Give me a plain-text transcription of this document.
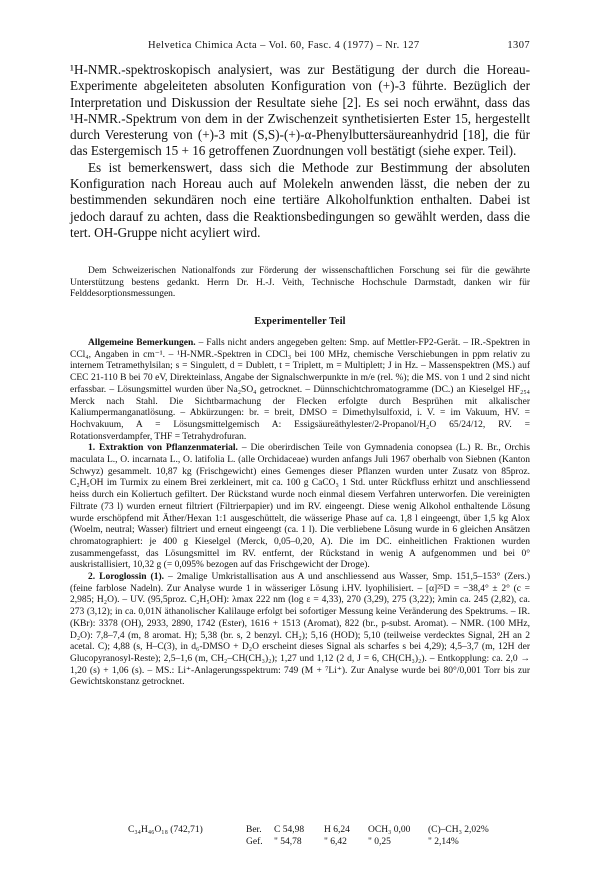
Helvetica Chimica Acta – Vol. 60, Fasc. 4 (1977) – Nr. 127	1307

¹H-NMR.-spektroskopisch analysiert, was zur Bestätigung der durch die Horeau-Experimente abgeleiteten absoluten Konfiguration von (+)-3 führte. Bezüglich der Interpretation und Diskussion der Resultate siehe [2]. Es sei noch erwähnt, dass das ¹H-NMR.-Spektrum von dem in der Zwischenzeit synthetisierten Ester 15, hergestellt durch Veresterung von (+)-3 mit (S,S)-(+)-α-Phenylbuttersäureanhydrid [18], die für das Estergemisch 15 + 16 getroffenen Zuordnungen voll bestätigt (siehe exper. Teil).

Es ist bemerkenswert, dass sich die Methode zur Bestimmung der absoluten Konfiguration nach Horeau auch auf Molekeln anwenden lässt, die neben der zu bestimmenden sekundären noch eine tertiäre Alkoholfunktion enthalten. Dabei ist jedoch darauf zu achten, dass die Reaktionsbedingungen so gewählt werden, dass die tert. OH-Gruppe nicht acyliert wird.

Dem Schweizerischen Nationalfonds zur Förderung der wissenschaftlichen Forschung sei für die gewährte Unterstützung bestens gedankt. Herrn Dr. H.-J. Veith, Technische Hochschule Darmstadt, danken wir für Felddesorptionsmessungen.
Experimenteller Teil

Allgemeine Bemerkungen. – Falls nicht anders angegeben gelten: Smp. auf Mettler-FP2-Gerät. – IR.-Spektren in CCl₄, Angaben in cm⁻¹. – ¹H-NMR.-Spektren in CDCl₃ bei 100 MHz, chemische Verschiebungen in ppm relativ zu internem Tetramethylsilan; s = Singulett, d = Dublett, t = Triplett, m = Multiplett; J in Hz. – Massenspektren (MS.) auf CEC 21-110 B bei 70 eV, Direkteinlass, Angabe der Signalschwerpunkte in m/e (rel. %); die MS. von 1 und 2 sind nicht erfassbar. – Lösungsmittel wurden über Na₂SO₄ getrocknet. – Dünnschichtchromatogramme (DC.) an Kieselgel HF₂₅₄ Merck nach Stahl. Die Sichtbarmachung der Flecken erfolgte durch Besprühen mit alkalischer Kaliumpermanganatlösung. – Abkürzungen: br. = breit, DMSO = Dimethylsulfoxid, i. V. = im Vakuum, HV. = Hochvakuum, A = Lösungsmittelgemisch A: Essigsäureäthylester/2-Propanol/H₂O 65/24/12, RV. = Rotationsverdampfer, THF = Tetrahydrofuran.

1. Extraktion von Pflanzenmaterial. – Die oberirdischen Teile von Gymnadenia conopsea (L.) R. Br., Orchis maculata L., O. incarnata L., O. latifolia L. (alle Orchidaceae) wurden anfangs Juli 1967 oberhalb von Siebnen (Kanton Schwyz) gesammelt. 10,87 kg (Frischgewicht) eines Gemenges dieser Pflanzen wurden unter Zusatz von 85proz. C₂H₅OH im Turmix zu einem Brei zerkleinert, mit ca. 100 g CaCO₃ 1 Std. unter Rückfluss erhitzt und anschliessend heiss durch ein Koliertuch gefiltert. Der Rückstand wurde noch einmal diesem Verfahren unterworfen. Die vereinigten Filtrate (73 l) wurden erneut filtriert (Filtrierpapier) und im RV. eingeengt. Diese wenig Alkohol enthaltende Lösung wurde erschöpfend mit Äther/Hexan 1:1 ausgeschüttelt, die wässerige Phase auf ca. 1,8 l eingeengt, über 1,5 kg Alox (Woelm, neutral; Wasser) filtriert und erneut eingeengt (ca. 1 l). Die verbliebene Lösung wurde in 6 gleichen Ansätzen chromatographiert: je 400 g Kieselgel (Merck, 0,05–0,20, A). Die im DC. einheitlichen Fraktionen wurden zusammengefasst, das Lösungsmittel im RV. entfernt, der Rückstand in wenig A aufgenommen und bei 0° auskristallisiert, 10,32 g (= 0,095% bezogen auf das Frischgewicht der Droge).

2. Loroglossin (1). – 2malige Umkristallisation aus A und anschliessend aus Wasser, Smp. 151,5–153° (Zers.) (feine farblose Nadeln). Zur Analyse wurde 1 in wässeriger Lösung i.HV. lyophilisiert. – [α]²⁵D = −38,4° ± 2° (c = 2,985; H₂O). – UV. (95,5proz. C₂H₅OH): λmax 222 nm (log ε = 4,33), 270 (3,29), 275 (3,22); λmin ca. 245 (2,82), ca. 273 (3,12); in ca. 0,01N äthanolischer Kalilauge erfolgt bei sofortiger Messung keine Veränderung des Spektrums. – IR. (KBr): 3378 (OH), 2933, 2890, 1742 (Ester), 1616 + 1513 (Aromat), 822 (br., p-subst. Aromat). – NMR. (100 MHz, D₂O): 7,8–7,4 (m, 8 aromat. H); 5,38 (br. s, 2 benzyl. CH₂); 5,16 (HOD); 5,10 (teilweise verdecktes Signal, 2H an 2 acetal. C); 4,88 (s, H–C(3), in d₆-DMSO + D₂O erscheint dieses Signal als scharfes s bei 4,29); 4,5–3,7 (m, 12H der Glucopyranosyl-Reste); 2,5–1,6 (m, CH₂–CH(CH₃)₂); 1,27 und 1,12 (2 d, J = 6, CH(CH₃)₂). – Entkopplung: ca. 2,0 → 1,20 (s) + 1,06 (s). – MS.: Li⁺-Anlagerungsspektrum: 749 (M + ⁷Li⁺). Zur Analyse wurde bei 80°/0,001 Torr bis zur Gewichtskonstanz getrocknet.

C₃₄H₄₆O₁₈ (742,71)	Ber. C 54,98 H 6,24 OCH₃ 0,00 (C)–CH₃ 2,02%
Gef. " 54,78 " 6,42 " 0,25	" 2,14%
